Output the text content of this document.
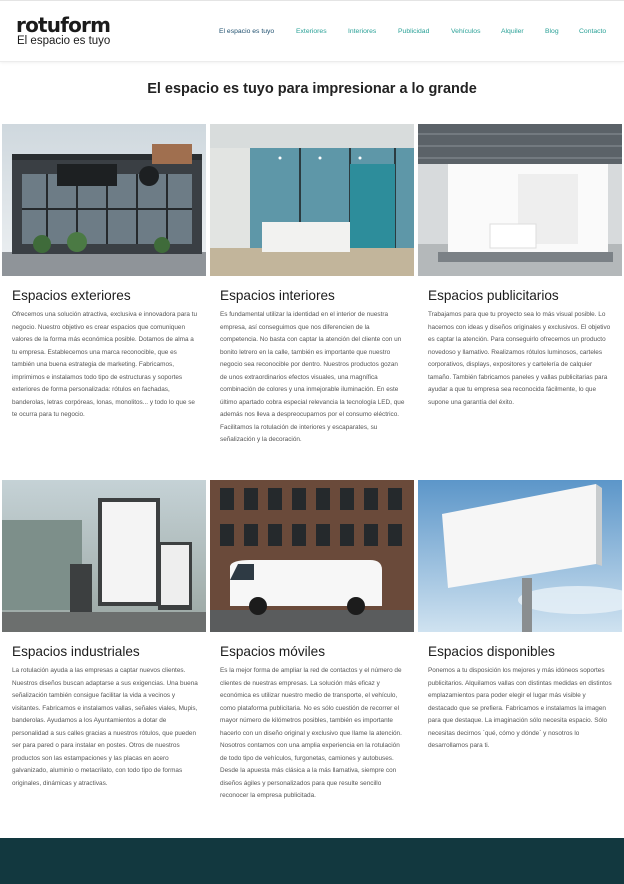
rotuform
El espacio es tuyo
El espacio es tuyo	Exteriores	Interiores	Publicidad	Vehículos	Alquiler	Blog	Contacto
El espacio es tuyo para impresionar a lo grande
Espacios exteriores

Ofrecemos una solución atractiva, exclusiva e innovadora para tu negocio. Nuestro objetivo es crear espacios que comuniquen valores de la forma más económica posible. Dotamos de alma a tu empresa. Establecemos una marca reconocible, que es también una buena estrategia de marketing. Fabricamos, imprimimos e instalamos todo tipo de estructuras y soportes exteriores de forma personalizada: rótulos en fachadas, banderolas, letras corpóreas, lonas, monolitos... y todo lo que se te ocurra para tu negocio.

Espacios interiores

Es fundamental utilizar la identidad en el interior de nuestra empresa, así conseguimos que nos diferencien de la competencia. No basta con captar la atención del cliente con un bonito letrero en la calle, también es importante que nuestro negocio sea reconocible por dentro. Nuestros productos gozan de unos extraordinarios efectos visuales, una magnífica combinación de colores y una inmejorable iluminación. En este último apartado cobra especial relevancia la tecnología LED, que además nos lleva a despreocuparnos por el consumo eléctrico. Facilitamos la rotulación de interiores y escaparates, su señalización y la decoración.

Espacios publicitarios

Trabajamos para que tu proyecto sea lo más visual posible. Lo hacemos con ideas y diseños originales y exclusivos. El objetivo es captar la atención. Para conseguirlo ofrecemos un producto novedoso y llamativo. Realizamos rótulos luminosos, carteles corporativos, displays, expositores y cartelería de calquier tamaño. También fabricamos paneles y vallas publicitarias para ayudar a que tu empresa sea reconocida fácilmente, lo que supone una garantía del éxito.

Espacios industriales

La rotulación ayuda a las empresas a captar nuevos clientes. Nuestros diseños buscan adaptarse a sus exigencias. Una buena señalización también consigue facilitar la vida a vecinos y visitantes. Fabricamos e instalamos vallas, señales viales, Mupis, banderolas. Ayudamos a los Ayuntamientos a dotar de personalidad a sus calles gracias a nuestros rótulos, que pueden ser para pared o para instalar en postes. Otros de nuestros productos son las estampaciones y las placas en acero galvanizado, aluminio o metacrilato, con todo tipo de formas originales, dinámicas y atractivas.

Espacios móviles

Es la mejor forma de ampliar la red de contactos y el número de clientes de nuestras empresas. La solución más eficaz y económica es utilizar nuestro medio de transporte, el vehículo, como plataforma publicitaria. No es sólo cuestión de recorrer el mayor número de kilómetros posibles, también es importante hacerlo con un diseño original y exclusivo que llame la atención. Nosotros contamos con una amplia experiencia en la rotulación de todo tipo de vehículos, furgonetas, camiones y autobuses. Desde la apuesta más clásica a la más llamativa, siempre con diseños ágiles y personalizados para que resulte sencillo reconocer la empresa publicitada.

Espacios disponibles

Ponemos a tu disposición los mejores y más idóneos soportes publicitarios. Alquilamos vallas con distintas medidas en distintos emplazamientos para poder elegir el lugar más visible y destacado que se prefiera. Fabricamos e instalamos la imagen para que destaque. La imaginación sólo necesita espacio. Sólo necesitas decirnos `qué, cómo y dónde` y nosotros lo desarrollamos para ti.
